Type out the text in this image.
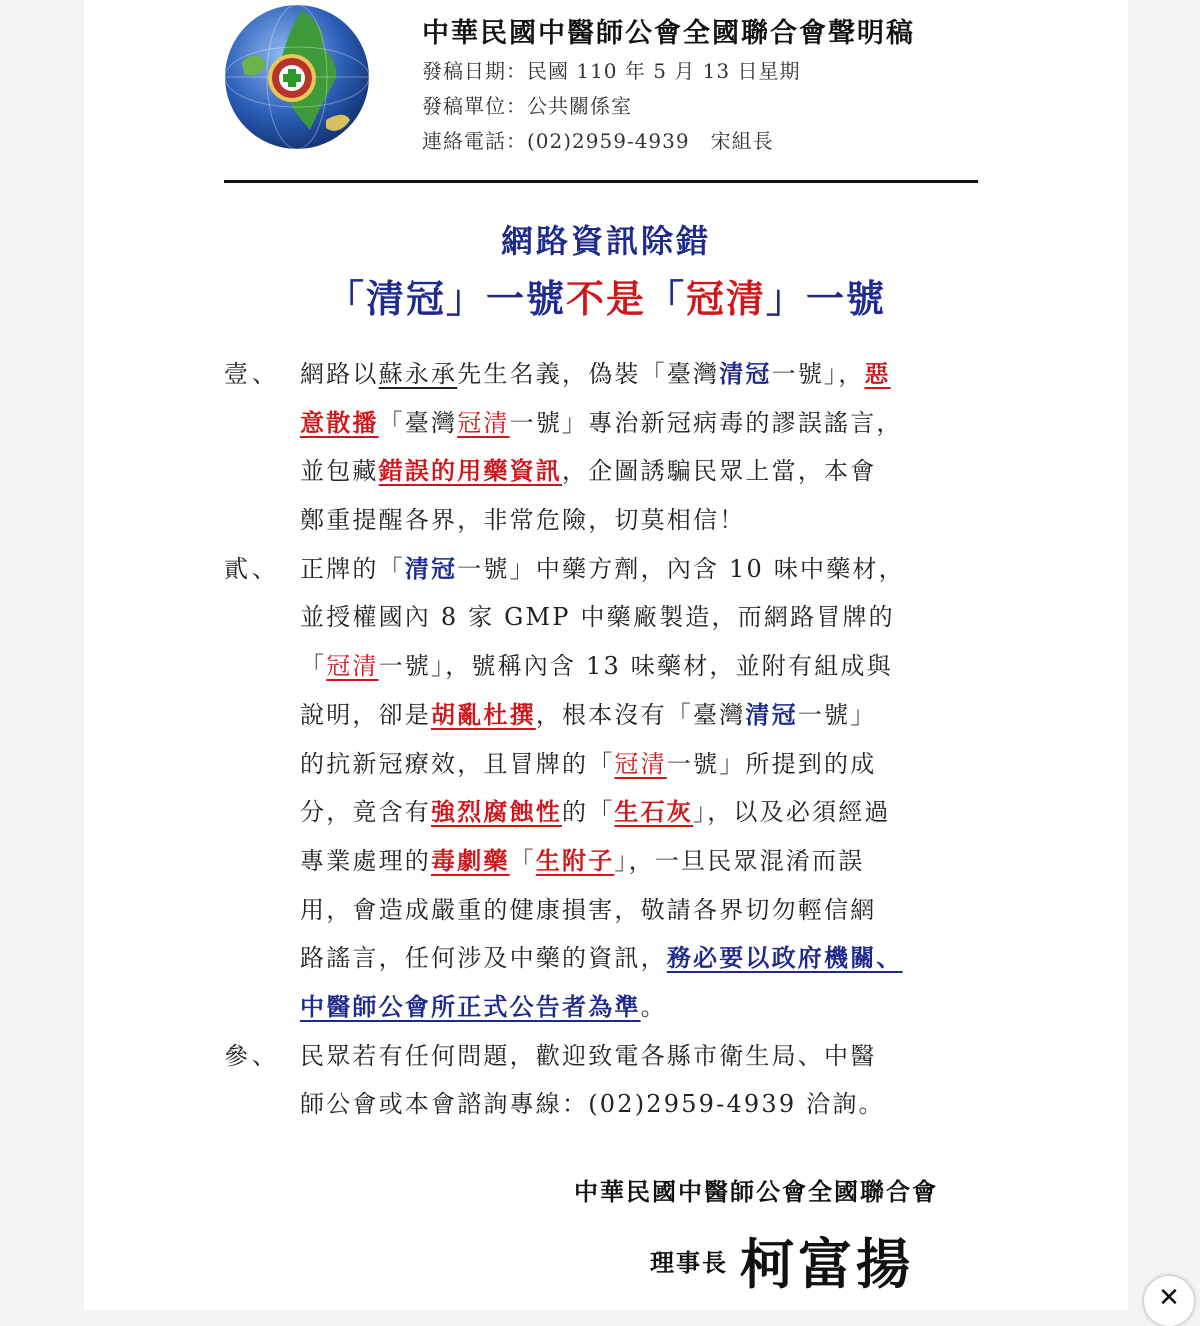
中華民國中醫師公會全國聯合會聲明稿
發稿日期：民國 110 年 5 月 13 日星期
發稿單位：公共關係室
連絡電話：(02)2959-4939　宋組長
網路資訊除錯
「清冠」一號不是「冠清」一號
壹、 網路以蘇永承先生名義，偽裝「臺灣清冠一號」，惡
意散播「臺灣冠清一號」專治新冠病毒的謬誤謠言，
並包藏錯誤的用藥資訊，企圖誘騙民眾上當，本會
鄭重提醒各界，非常危險，切莫相信！
貳、 正牌的「清冠一號」中藥方劑，內含 10 味中藥材，
並授權國內 8 家 GMP 中藥廠製造，而網路冒牌的
「冠清一號」，號稱內含 13 味藥材，並附有組成與
說明，卻是胡亂杜撰，根本沒有「臺灣清冠一號」
的抗新冠療效，且冒牌的「冠清一號」所提到的成
分，竟含有強烈腐蝕性的「生石灰」，以及必須經過
專業處理的毒劇藥「生附子」，一旦民眾混淆而誤
用，會造成嚴重的健康損害，敬請各界切勿輕信網
路謠言，任何涉及中藥的資訊，務必要以政府機關、
中醫師公會所正式公告者為準。
參、 民眾若有任何問題，歡迎致電各縣市衛生局、中醫
師公會或本會諮詢專線：(02)2959-4939 洽詢。
中華民國中醫師公會全國聯合會
理事長 柯富揚
✕
